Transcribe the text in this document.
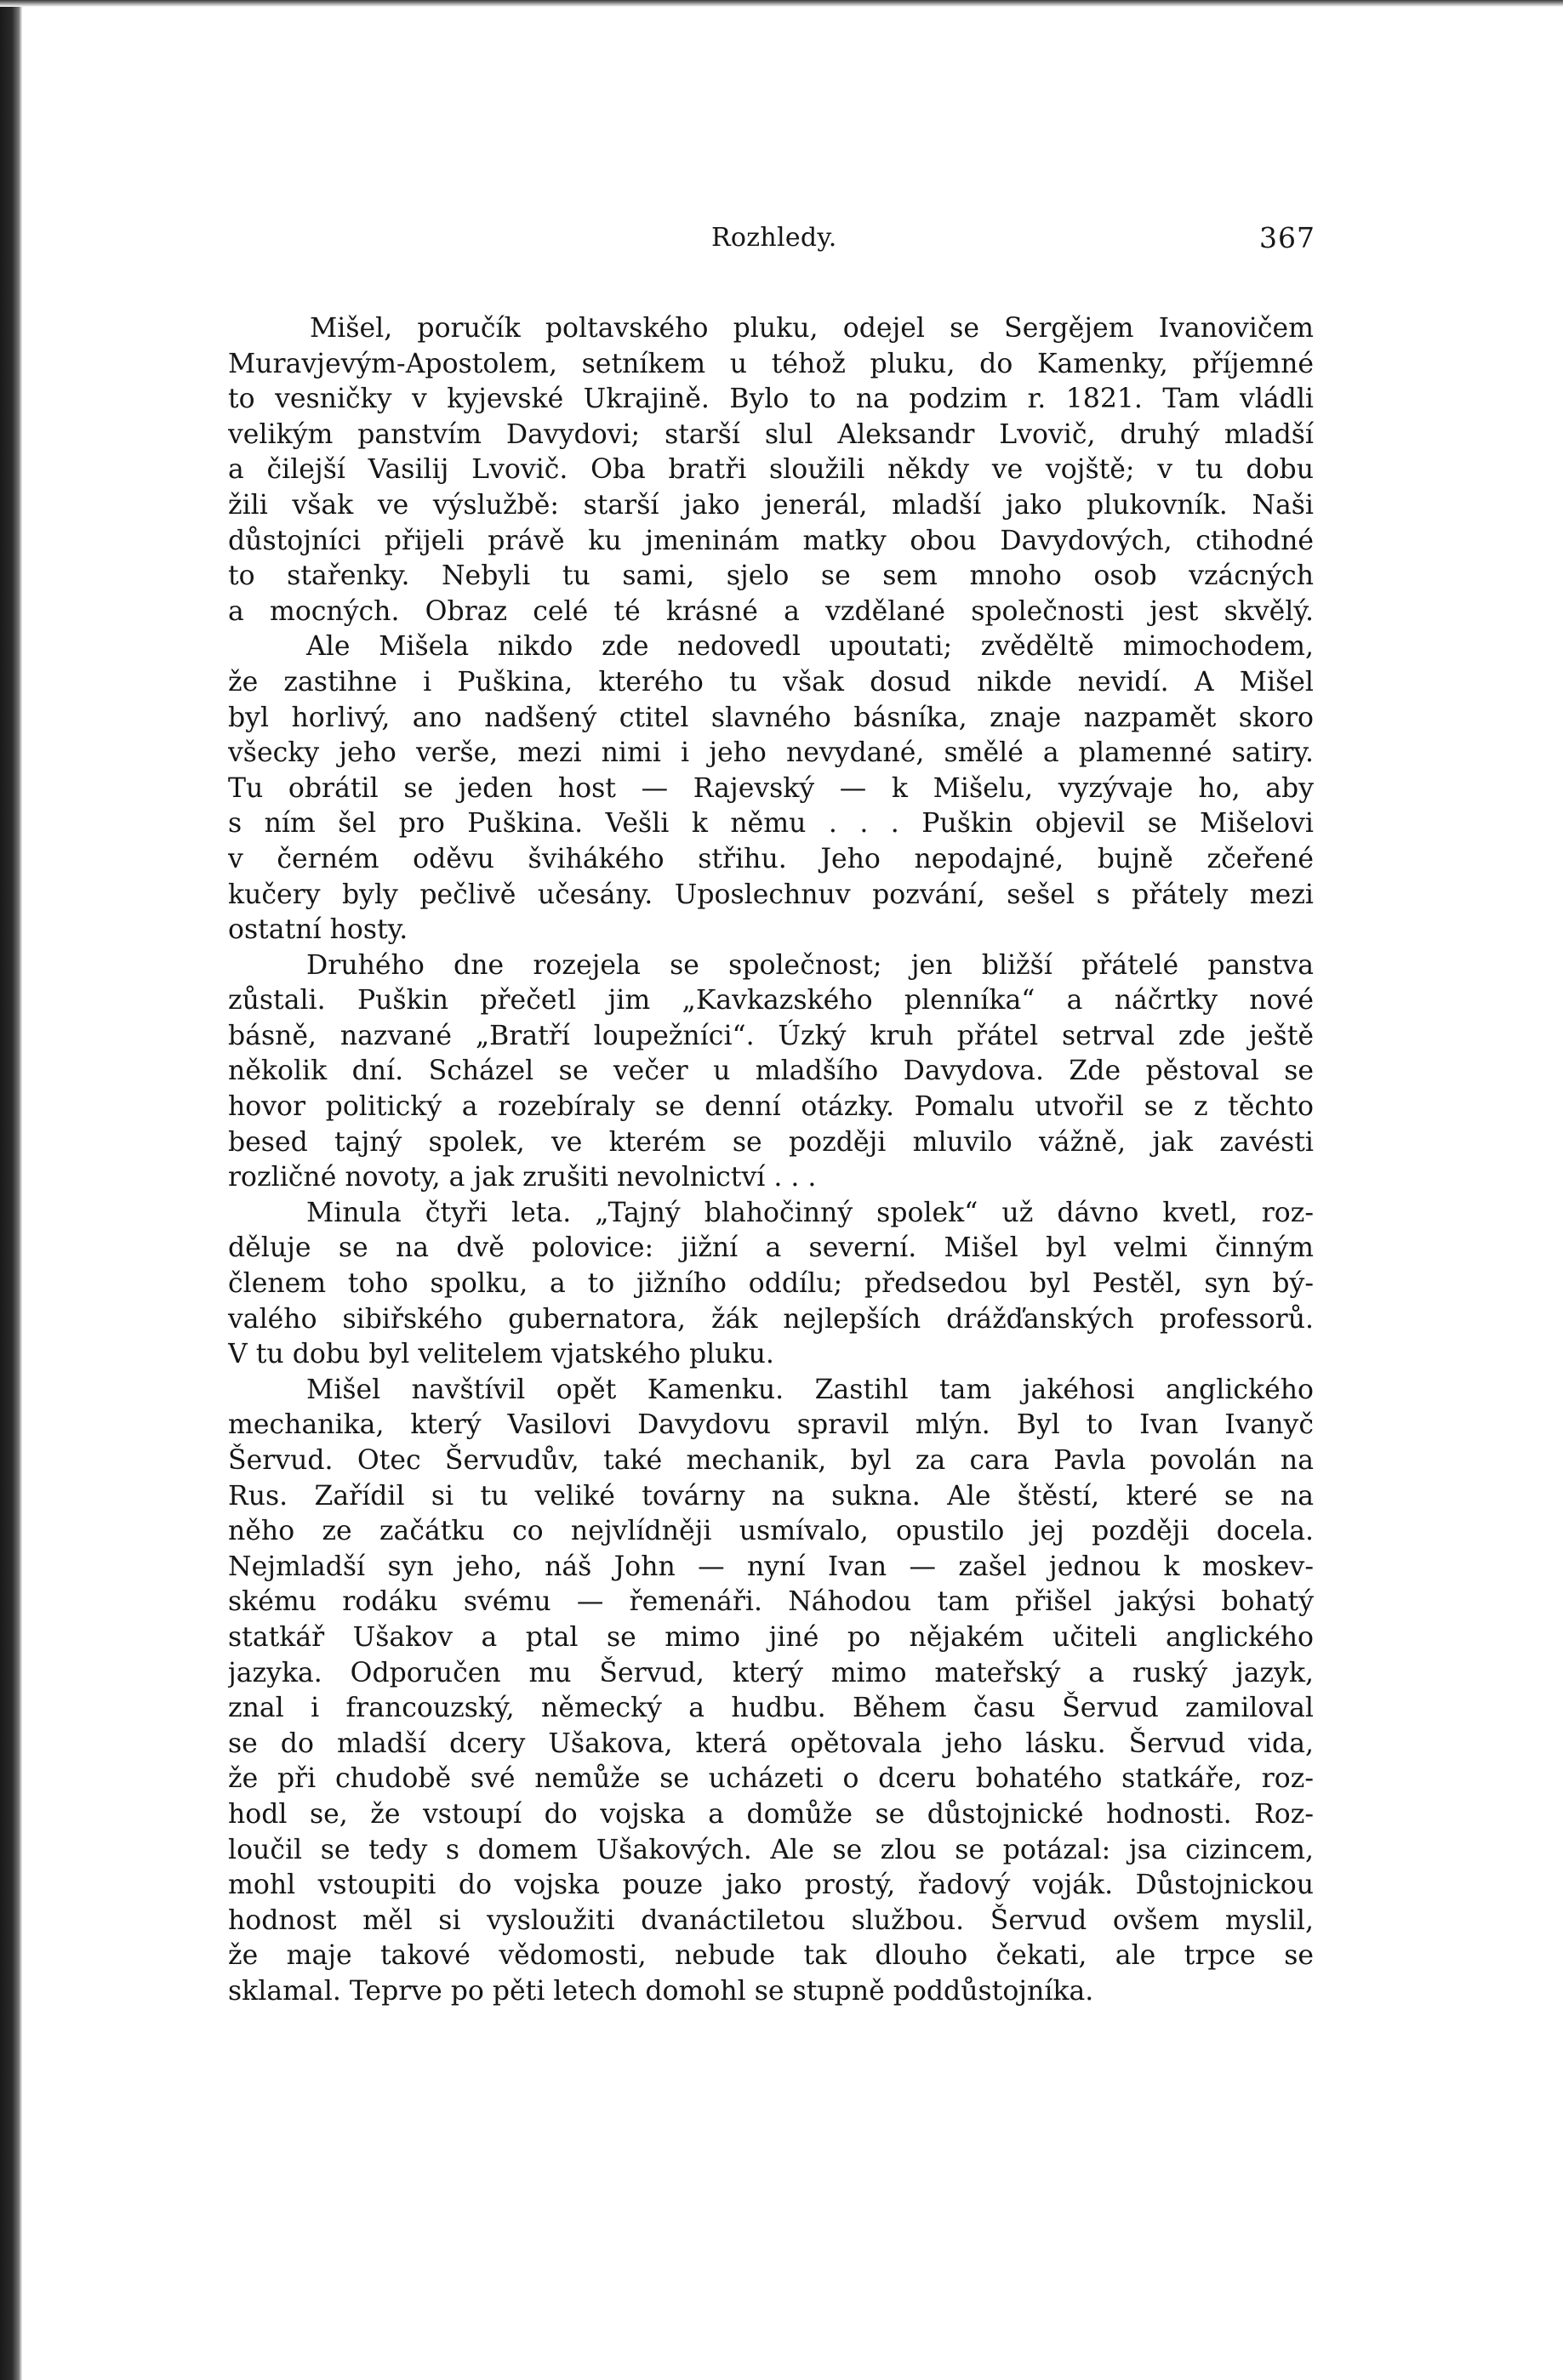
Rozhledy.	367
Mišel, poručík poltavského pluku, odejel se Sergějem Ivanovičem
Muravjevým-Apostolem, setníkem u téhož pluku, do Kamenky, příjemné
to vesničky v kyjevské Ukrajině. Bylo to na podzim r. 1821. Tam vládli
velikým panstvím Davydovi; starší slul Aleksandr Lvovič, druhý mladší
a čilejší Vasilij Lvovič. Oba bratři sloužili někdy ve vojště; v tu dobu
žili však ve výslužbě: starší jako jenerál, mladší jako plukovník. Naši
důstojníci přijeli právě ku jmeninám matky obou Davydových, ctihodné
to stařenky. Nebyli tu sami, sjelo se sem mnoho osob vzácných
a mocných. Obraz celé té krásné a vzdělané společnosti jest skvělý.
Ale Mišela nikdo zde nedovedl upoutati; zvěděltě mimochodem,
že zastihne i Puškina, kterého tu však dosud nikde nevidí. A Mišel
byl horlivý, ano nadšený ctitel slavného básníka, znaje nazpamět skoro
všecky jeho verše, mezi nimi i jeho nevydané, smělé a plamenné satiry.
Tu obrátil se jeden host — Rajevský — k Mišelu, vyzývaje ho, aby
s ním šel pro Puškina. Vešli k němu . . . Puškin objevil se Mišelovi
v černém oděvu švihákého střihu. Jeho nepodajné, bujně zčeřené
kučery byly pečlivě učesány. Uposlechnuv pozvání, sešel s přátely mezi
ostatní hosty.
Druhého dne rozejela se společnost; jen bližší přátelé panstva
zůstali. Puškin přečetl jim „Kavkazského plenníka“ a náčrtky nové
básně, nazvané „Bratří loupežníci“. Úzký kruh přátel setrval zde ještě
několik dní. Scházel se večer u mladšího Davydova. Zde pěstoval se
hovor politický a rozebíraly se denní otázky. Pomalu utvořil se z těchto
besed tajný spolek, ve kterém se později mluvilo vážně, jak zavésti
rozličné novoty, a jak zrušiti nevolnictví . . .
Minula čtyři leta. „Tajný blahočinný spolek“ už dávno kvetl, roz-
děluje se na dvě polovice: jižní a severní. Mišel byl velmi činným
členem toho spolku, a to jižního oddílu; předsedou byl Pestěl, syn bý-
valého sibiřského gubernatora, žák nejlepších drážďanských professorů.
V tu dobu byl velitelem vjatského pluku.
Mišel navštívil opět Kamenku. Zastihl tam jakéhosi anglického
mechanika, který Vasilovi Davydovu spravil mlýn. Byl to Ivan Ivanyč
Šervud. Otec Šervudův, také mechanik, byl za cara Pavla povolán na
Rus. Zařídil si tu veliké továrny na sukna. Ale štěstí, které se na
něho ze začátku co nejvlídněji usmívalo, opustilo jej později docela.
Nejmladší syn jeho, náš John — nyní Ivan — zašel jednou k moskev-
skému rodáku svému — řemenáři. Náhodou tam přišel jakýsi bohatý
statkář Ušakov a ptal se mimo jiné po nějakém učiteli anglického
jazyka. Odporučen mu Šervud, který mimo mateřský a ruský jazyk,
znal i francouzský, německý a hudbu. Během času Šervud zamiloval
se do mladší dcery Ušakova, která opětovala jeho lásku. Šervud vida,
že při chudobě své nemůže se ucházeti o dceru bohatého statkáře, roz-
hodl se, že vstoupí do vojska a domůže se důstojnické hodnosti. Roz-
loučil se tedy s domem Ušakových. Ale se zlou se potázal: jsa cizincem,
mohl vstoupiti do vojska pouze jako prostý, řadový voják. Důstojnickou
hodnost měl si vysloužiti dvanáctiletou službou. Šervud ovšem myslil,
že maje takové vědomosti, nebude tak dlouho čekati, ale trpce se
sklamal. Teprve po pěti letech domohl se stupně poddůstojníka.
